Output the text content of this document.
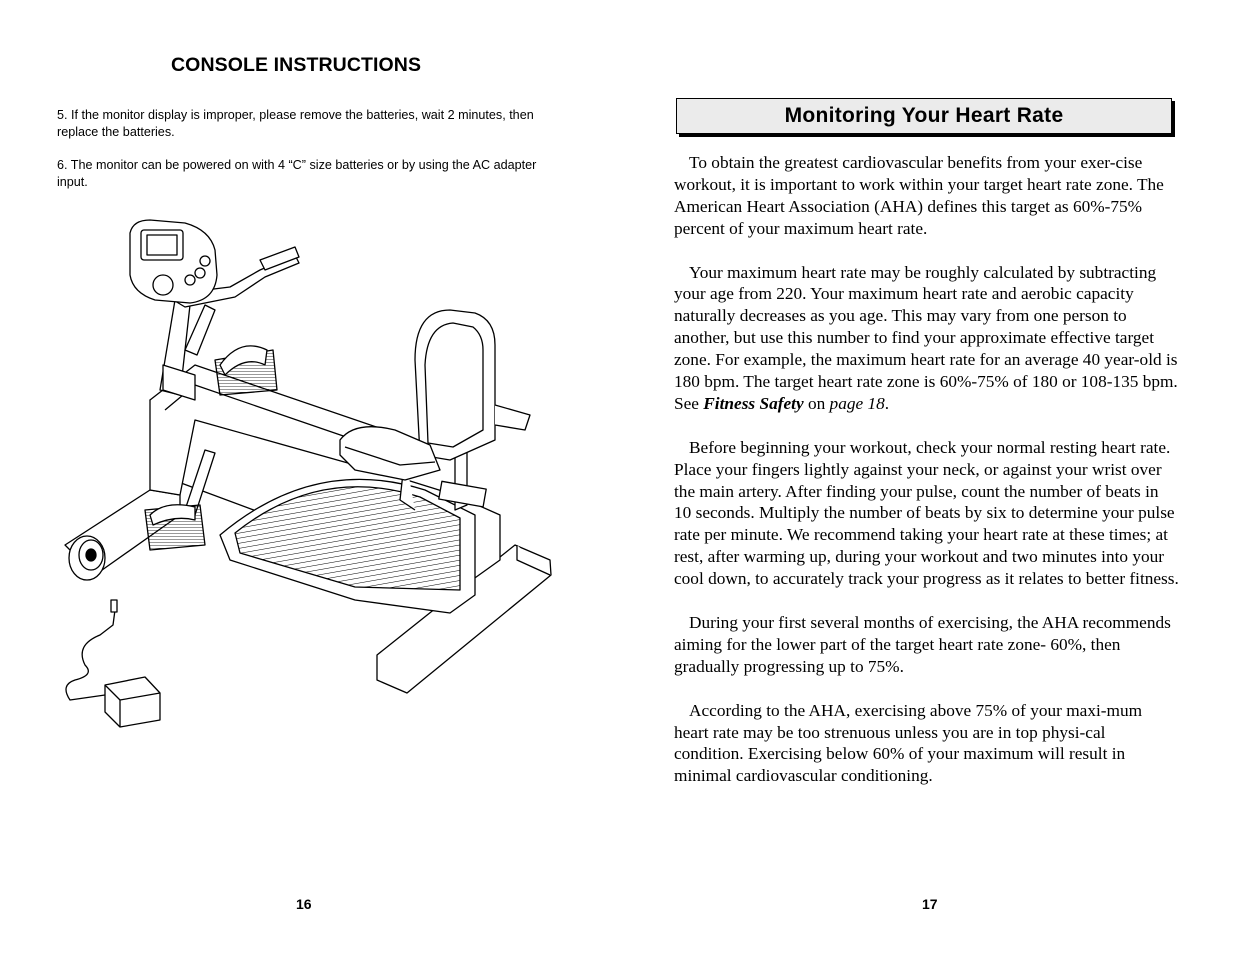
CONSOLE INSTRUCTIONS

5. If the monitor display is improper, please remove the batteries, wait 2 minutes, then replace the batteries.

6. The monitor can be powered on with 4 “C” size batteries or by using the AC adapter input.

16
Monitoring Your Heart Rate

To obtain the greatest cardiovascular benefits from your exer-cise workout, it is important to work within your target heart rate zone. The American Heart Association (AHA) defines this target as 60%-75% percent of your maximum heart rate.

Your maximum heart rate may be roughly calculated by subtracting your age from 220. Your maximum heart rate and aerobic capacity naturally decreases as you age. This may vary from one person to another, but use this number to find your approximate effective target zone. For example, the maximum heart rate for an average 40 year-old is 180 bpm. The target heart rate zone is 60%-75% of 180 or 108-135 bpm. See Fitness Safety on page 18.

Before beginning your workout, check your normal resting heart rate. Place your fingers lightly against your neck, or against your wrist over the main artery. After finding your pulse, count the number of beats in 10 seconds. Multiply the number of beats by six to determine your pulse rate per minute. We recommend taking your heart rate at these times; at rest, after warming up, during your workout and two minutes into your cool down, to accurately track your progress as it relates to better fitness.

During your first several months of exercising, the AHA recommends aiming for the lower part of the target heart rate zone- 60%, then gradually progressing up to 75%.

According to the AHA, exercising above 75% of your maxi-mum heart rate may be too strenuous unless you are in top physi-cal condition. Exercising below 60% of your maximum will result in minimal cardiovascular conditioning.

17
